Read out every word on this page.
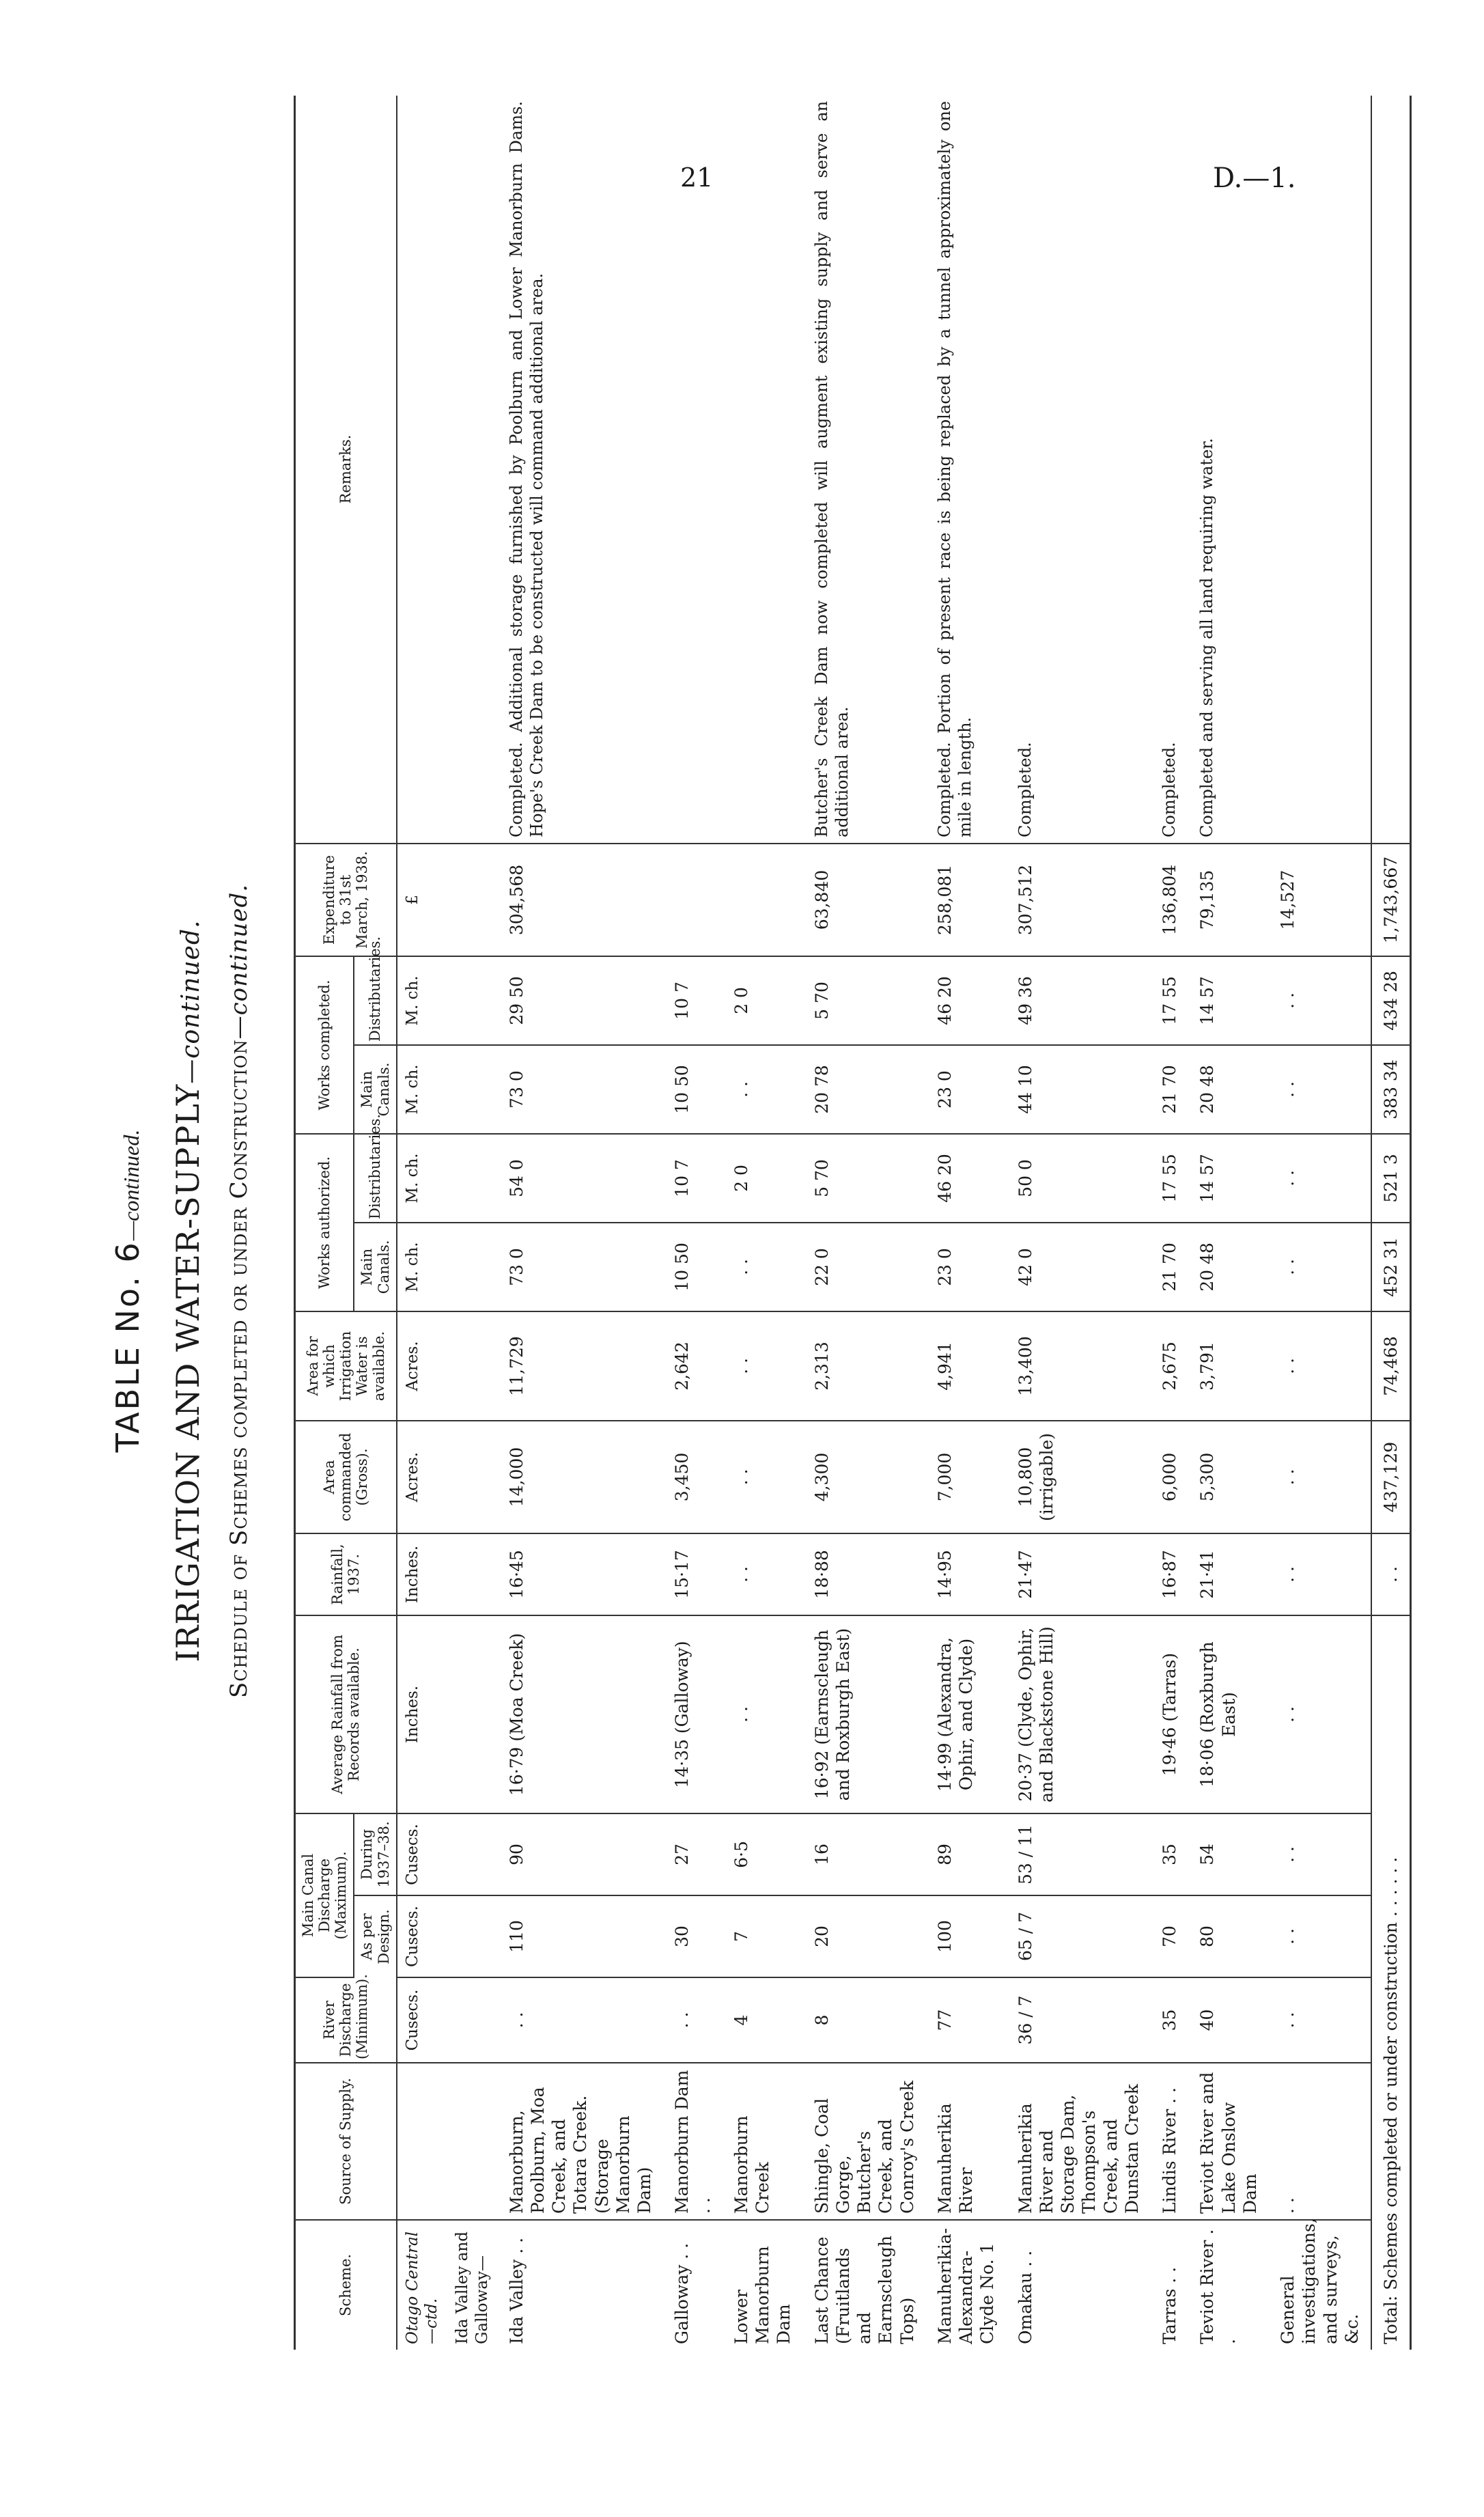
21	D.—1.
TABLE No. 6—continued. IRRIGATION AND WATER-SUPPLY—continued.
Schedule of Schemes completed or under Construction—continued.
Scheme.	Source of Supply.	River Discharge (Minimum).	Main Canal Discharge (Maximum).		Average Rainfall from Records available.	Rainfall, 1937.	Area commanded (Gross).	Area for which Irrigation Water is available.	Works authorized.		Works completed.		Expenditure to 31st March, 1938.	Remarks.
			As per Design.	During 1937–38.					Main Canals.	Distributaries.	Main Canals.	Distributaries.		
Otago Central—ctd.		Cusecs.	Cusecs.	Cusecs.	Inches.	Inches.	Acres.	Acres.	M. ch.	M. ch.	M. ch.	M. ch.	£	
Ida Valley and Galloway—														
Ida Valley . .	Manorburn, Poolburn, Moa Creek, and Totara Creek. (Storage Manorburn Dam)	. .	110	90	16·79 (Moa Creek)	16·45	14,000	11,729	73 0	54 0	73 0	29 50	304,568	Completed. Additional storage furnished by Poolburn and Lower Manorburn Dams. Hope's Creek Dam to be constructed will command additional area.
Galloway . .	Manorburn Dam . .	. .	30	27	14·35 (Galloway)	15·17	3,450	2,642	10 50	10 7	10 50	10 7		
Lower Manorburn Dam	Manorburn Creek	4	7	6·5	. .	. .	. .	. .	. .	2 0	. .	2 0		
Last Chance (Fruitlands and Earnscleugh Tops)	Shingle, Coal Gorge, Butcher's Creek, and Conroy's Creek	8	20	16	16·92 (Earnscleugh and Roxburgh East)	18·88	4,300	2,313	22 0	5 70	20 78	5 70	63,840	Butcher's Creek Dam now completed will augment existing supply and serve an additional area.
Manuherikia-Alexandra-Clyde No. 1	Manuherikia River	77	100	89	14·99 (Alexandra, Ophir, and Clyde)	14·95	7,000	4,941	23 0	46 20	23 0	46 20	258,081	Completed. Portion of present race is being replaced by a tunnel approximately one mile in length.
Omakau . .	Manuherikia River and Storage Dam, Thompson's Creek, and Dunstan Creek	36 / 7	65 / 7	53 / 11	20·37 (Clyde, Ophir, and Blackstone Hill)	21·47	10,800 (irrigable)	13,400	42 0	50 0	44 10	49 36	307,512	Completed.
Tarras . .	Lindis River . .	35	70	35	19·46 (Tarras)	16·87	6,000	2,675	21 70	17 55	21 70	17 55	136,804	Completed.
Teviot River . .	Teviot River and Lake Onslow Dam	40	80	54	18·06 (Roxburgh East)	21·41	5,300	3,791	20 48	14 57	20 48	14 57	79,135	Completed and serving all land requiring water.
General investigations, and surveys, &c.	. .	. .	. .	. .	. .	. .	. .	. .	. .	. .	. .	. .	14,527	
Total: Schemes completed or under construction . . . . . .						. .	437,129	74,468	452 31	521 3	383 34	434 28	1,743,667	
